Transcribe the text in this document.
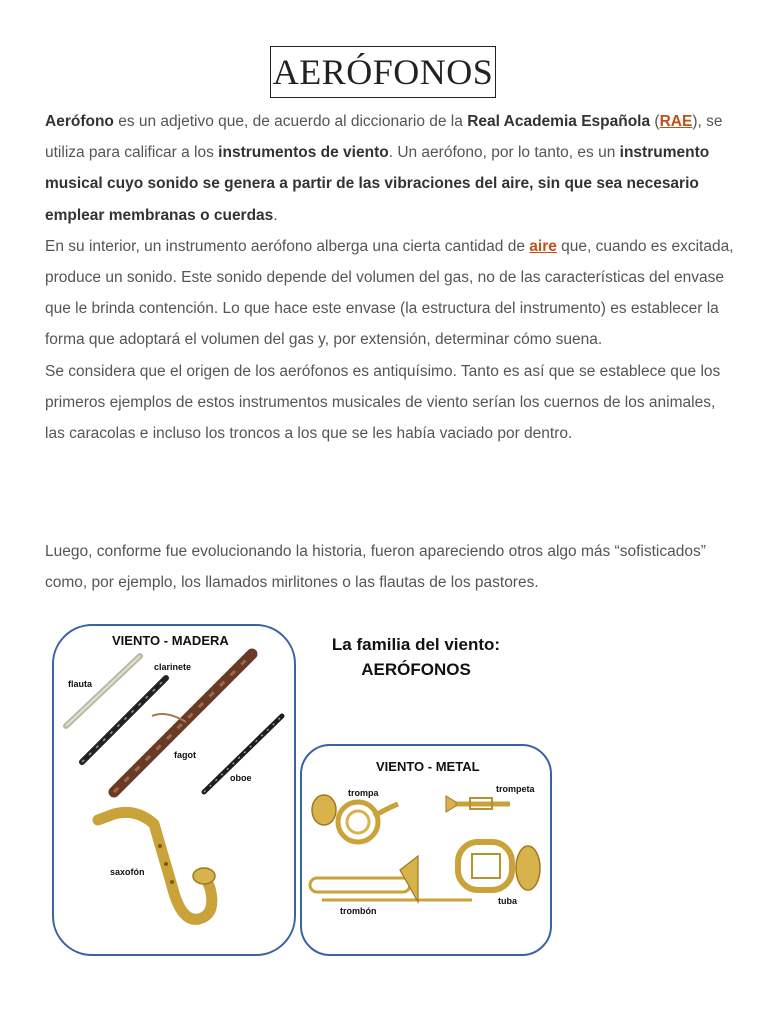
AERÓFONOS

Aerófono es un adjetivo que, de acuerdo al diccionario de la Real Academia Española (RAE), se utiliza para calificar a los instrumentos de viento. Un aerófono, por lo tanto, es un instrumento musical cuyo sonido se genera a partir de las vibraciones del aire, sin que sea necesario emplear membranas o cuerdas.

En su interior, un instrumento aerófono alberga una cierta cantidad de aire que, cuando es excitada, produce un sonido. Este sonido depende del volumen del gas, no de las características del envase que le brinda contención. Lo que hace este envase (la estructura del instrumento) es establecer la forma que adoptará el volumen del gas y, por extensión, determinar cómo suena.

Se considera que el origen de los aerófonos es antiquísimo. Tanto es así que se establece que los primeros ejemplos de estos instrumentos musicales de viento serían los cuernos de los animales, las caracolas e incluso los troncos a los que se les había vaciado por dentro.

Luego, conforme fue evolucionando la historia, fueron apareciendo otros algo más “sofisticados” como, por ejemplo, los llamados mirlitones o las flautas de los pastores.

La familia del viento:
AERÓFONOS
VIENTO - MADERA
flauta
clarinete
fagot
oboe
saxofón
VIENTO - METAL
trompa	trompeta
trombón
tuba
